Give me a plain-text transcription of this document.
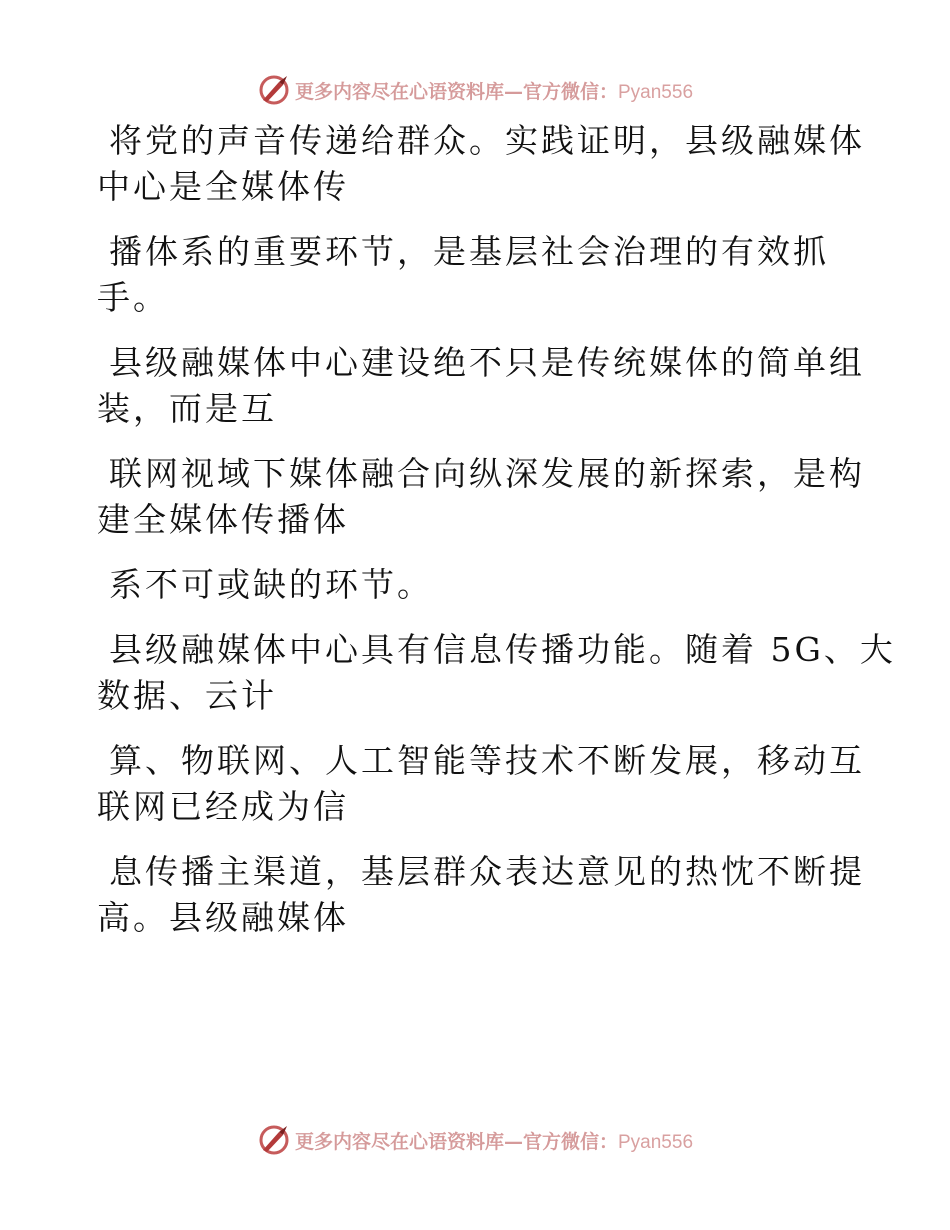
更多内容尽在心语资料库—官方微信：Pyan556

将党的声音传递给群众。实践证明，县级融媒体
中心是全媒体传

播体系的重要环节，是基层社会治理的有效抓
手。

县级融媒体中心建设绝不只是传统媒体的简单组
装，而是互

联网视域下媒体融合向纵深发展的新探索，是构
建全媒体传播体

系不可或缺的环节。

县级融媒体中心具有信息传播功能。随着 5G、大
数据、云计

算、物联网、人工智能等技术不断发展，移动互
联网已经成为信

息传播主渠道，基层群众表达意见的热忱不断提
高。县级融媒体

更多内容尽在心语资料库—官方微信：Pyan556
